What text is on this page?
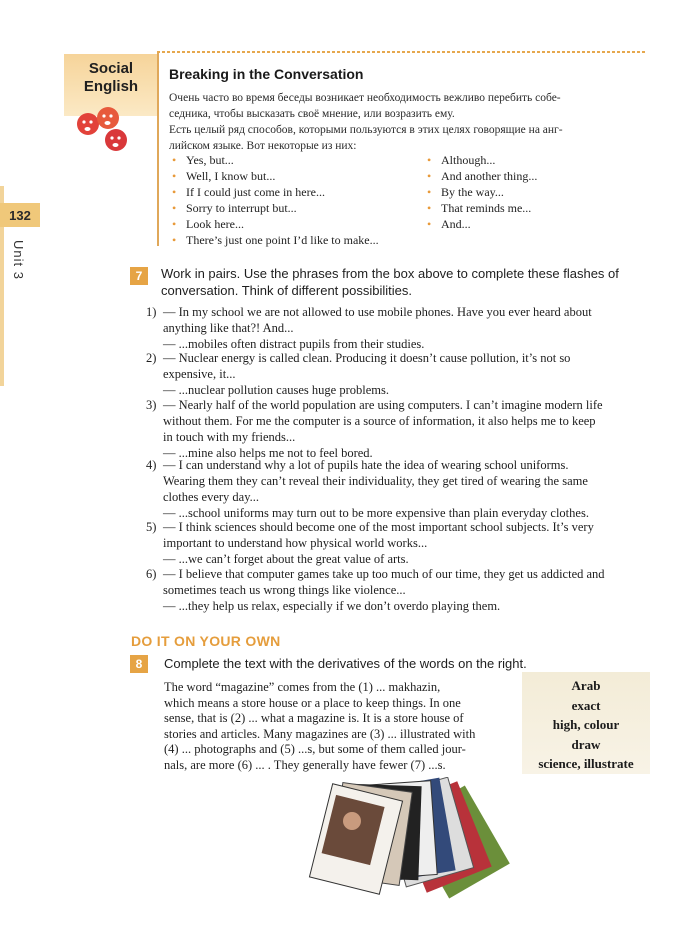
132
Unit 3
Social
English
Breaking in the Conversation
Очень часто во время беседы возникает необходимость вежливо перебить собе-
седника, чтобы высказать своё мнение, или возразить ему.
Есть целый ряд способов, которыми пользуются в этих целях говорящие на анг-
лийском языке. Вот некоторые из них:
• Yes, but...
• Well, I know but...
• If I could just come in here...
• Sorry to interrupt but...
• Look here...
• There’s just one point I’d like to make...
• Although...
• And another thing...
• By the way...
• That reminds me...
• And...
7	Work in pairs. Use the phrases from the box above to complete these flashes of
conversation. Think of different possibilities.
1) — In my school we are not allowed to use mobile phones. Have you ever heard about
anything like that?! And...
— ...mobiles often distract pupils from their studies.
2) — Nuclear energy is called clean. Producing it doesn’t cause pollution, it’s not so
expensive, it...
— ...nuclear pollution causes huge problems.
3) — Nearly half of the world population are using computers. I can’t imagine modern life
without them. For me the computer is a source of information, it also helps me to keep
in touch with my friends...
— ...mine also helps me not to feel bored.
4) — I can understand why a lot of pupils hate the idea of wearing school uniforms.
Wearing them they can’t reveal their individuality, they get tired of wearing the same
clothes every day...
— ...school uniforms may turn out to be more expensive than plain everyday clothes.
5) — I think sciences should become one of the most important school subjects. It’s very
important to understand how physical world works...
— ...we can’t forget about the great value of arts.
6) — I believe that computer games take up too much of our time, they get us addicted and
sometimes teach us wrong things like violence...
— ...they help us relax, especially if we don’t overdo playing them.
DO IT ON YOUR OWN
8	Complete the text with the derivatives of the words on the right.
The word “magazine” comes from the (1) ... makhazin,
which means a store house or a place to keep things. In one
sense, that is (2) ... what a magazine is. It is a store house of
stories and articles. Many magazines are (3) ... illustrated with
(4) ... photographs and (5) ...s, but some of them called jour-
nals, are more (6) ... . They generally have fewer (7) ...s.
Arab
exact
high, colour
draw
science, illustrate
